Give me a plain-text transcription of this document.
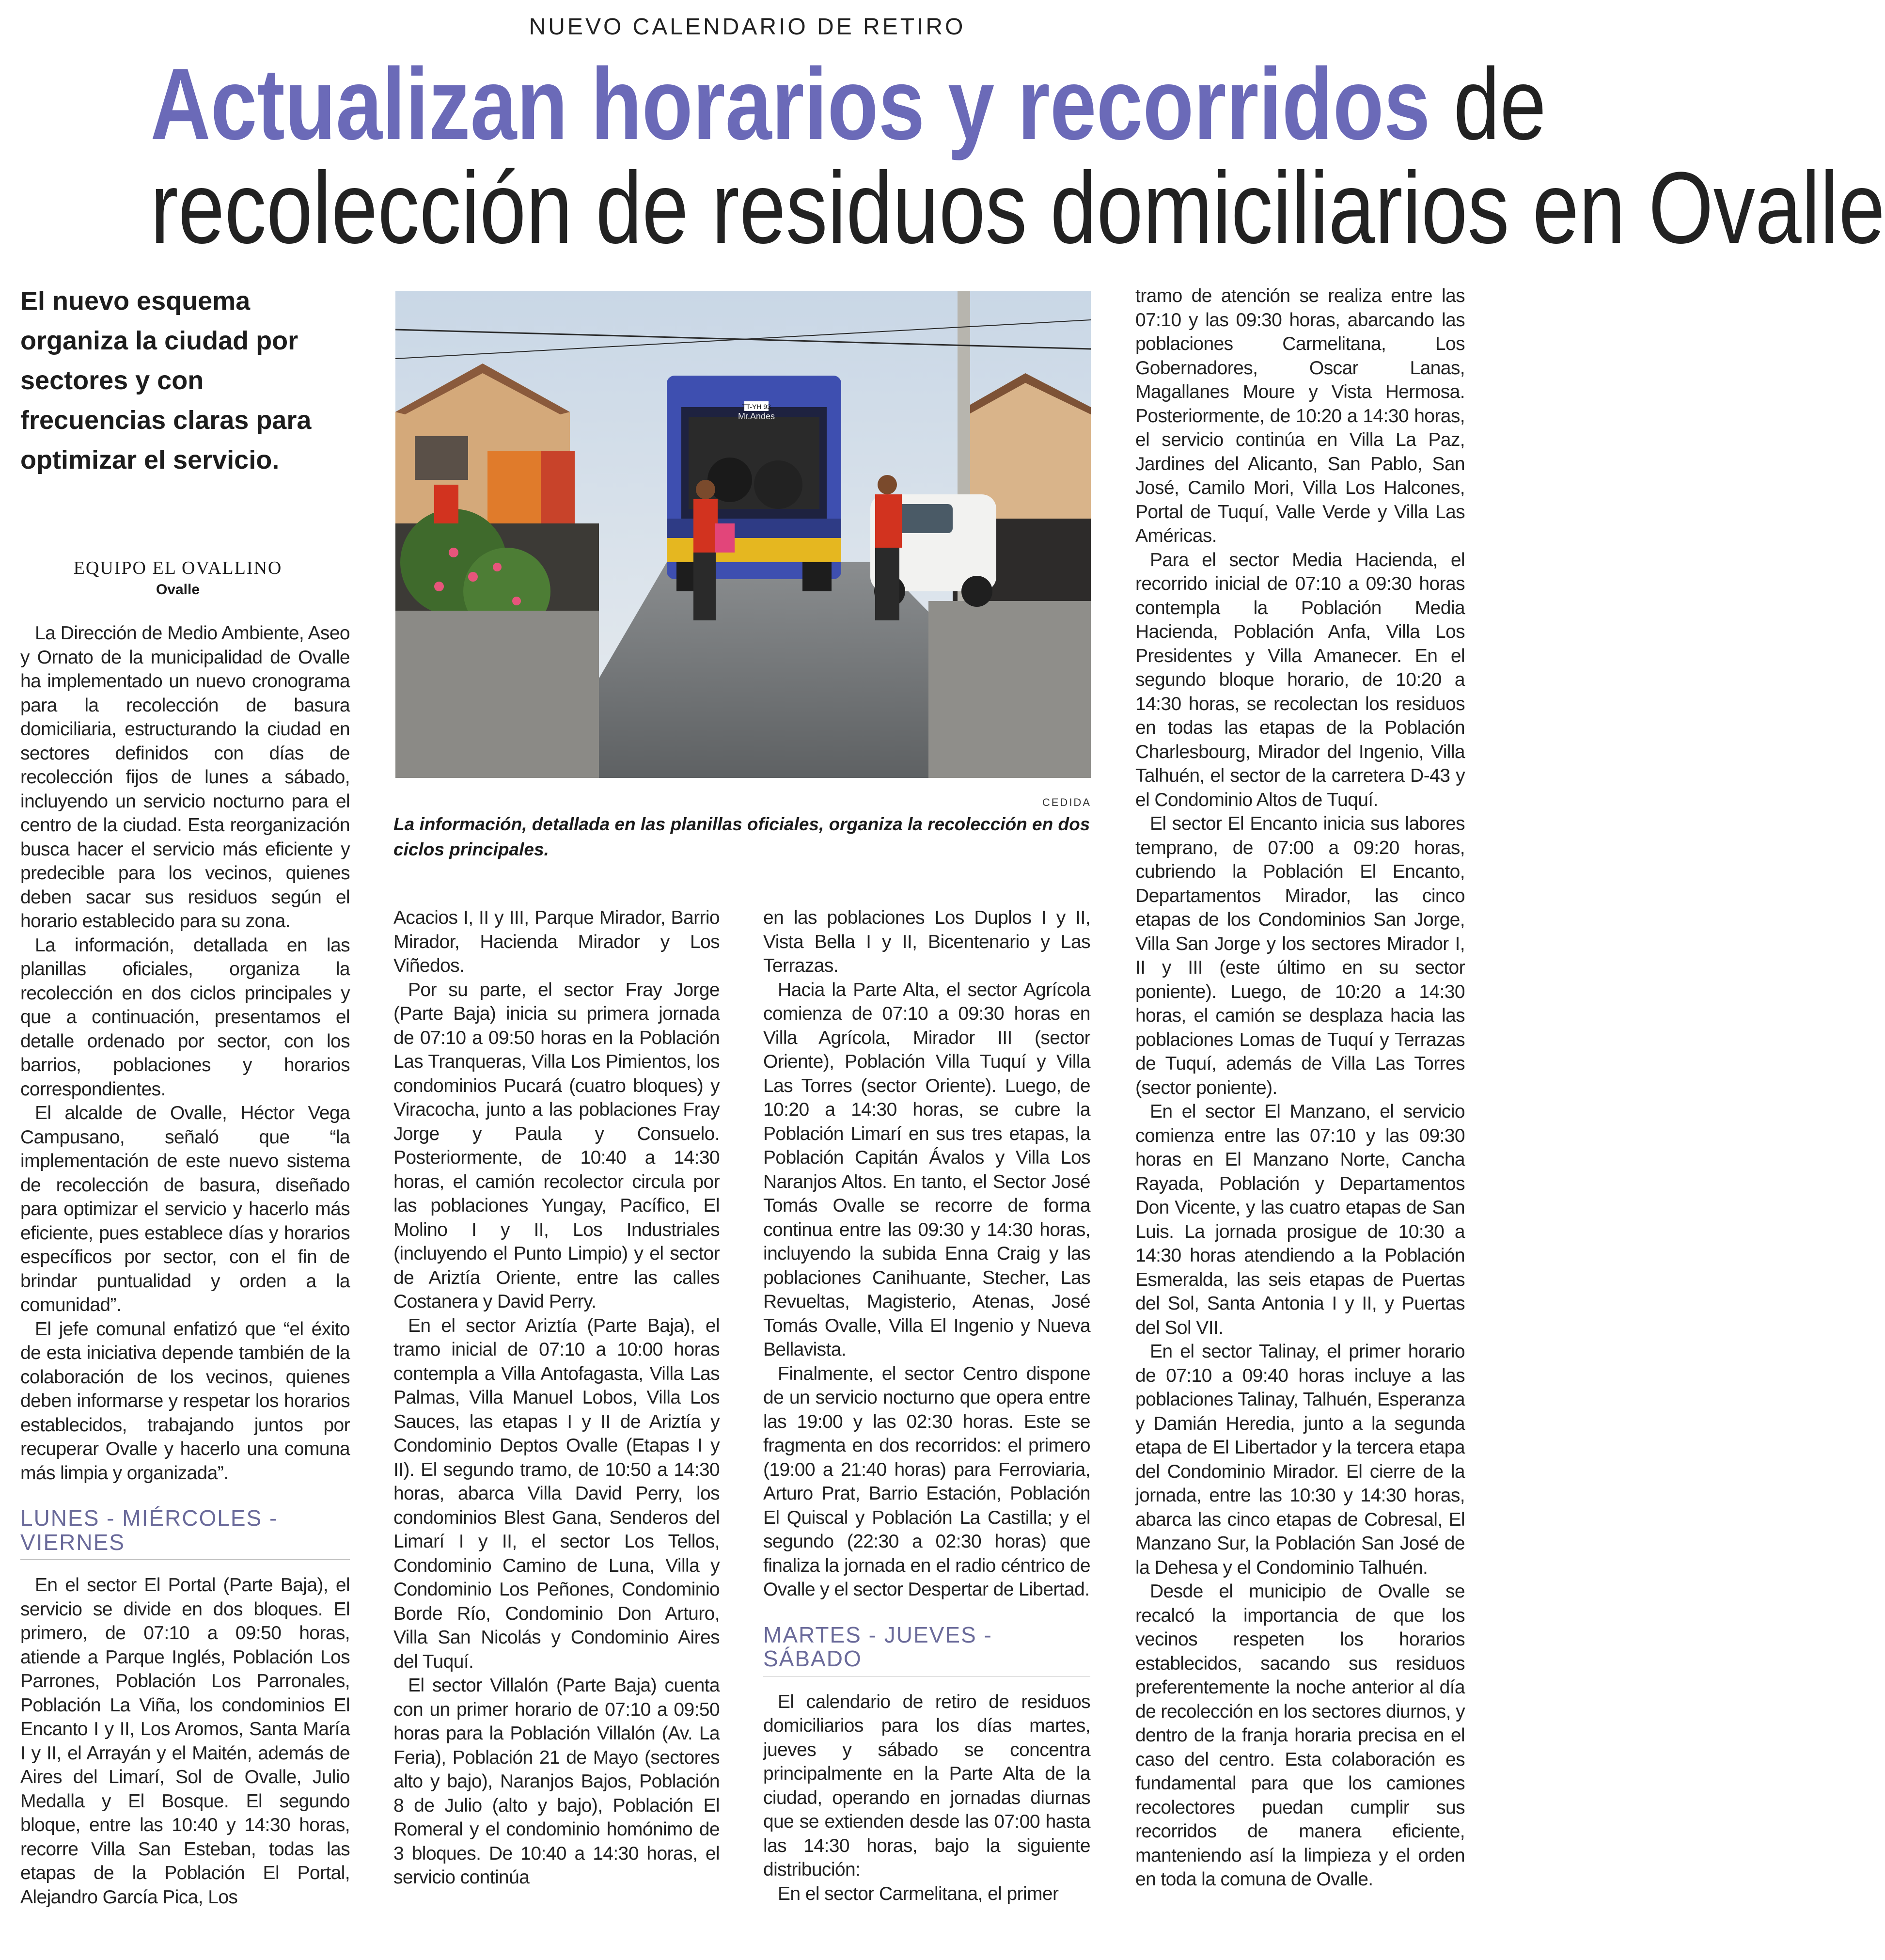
NUEVO CALENDARIO DE RETIRO
Actualizan horarios y recorridos de
recolección de residuos domiciliarios en Ovalle
El nuevo esquema organiza la ciudad por sectores y con frecuencias claras para optimizar el servicio.
EQUIPO EL OVALLINO
Ovalle

La Dirección de Medio Ambiente, Aseo y Ornato de la municipalidad de Ovalle ha implementado un nuevo cronograma para la recolección de basura domiciliaria, estructurando la ciudad en sectores definidos con días de recolección fijos de lunes a sábado, incluyendo un servicio nocturno para el centro de la ciudad. Esta reorganización busca hacer el servicio más eficiente y predecible para los vecinos, quienes deben sacar sus residuos según el horario establecido para su zona.

La información, detallada en las planillas oficiales, organiza la recolección en dos ciclos principales y que a continuación, presentamos el detalle ordenado por sector, con los barrios, poblaciones y horarios correspondientes.

El alcalde de Ovalle, Héctor Vega Campusano, señaló que “la implementación de este nuevo sistema de recolección de basura, diseñado para optimizar el servicio y hacerlo más eficiente, pues establece días y horarios específicos por sector, con el fin de brindar puntualidad y orden a la comunidad”.

El jefe comunal enfatizó que “el éxito de esta iniciativa depende también de la colaboración de los vecinos, quienes deben informarse y respetar los horarios establecidos, trabajando juntos por recuperar Ovalle y hacerlo una comuna más limpia y organizada”.

LUNES - MIÉRCOLES - VIERNES

En el sector El Portal (Parte Baja), el servicio se divide en dos bloques. El primero, de 07:10 a 09:50 horas, atiende a Parque Inglés, Población Los Parrones, Población Los Parronales, Población La Viña, los condominios El Encanto I y II, Los Aromos, Santa María I y II, el Arrayán y el Maitén, además de Aires del Limarí, Sol de Ovalle, Julio Medalla y El Bosque. El segundo bloque, entre las 10:40 y 14:30 horas, recorre Villa San Esteban, todas las etapas de la Población El Portal, Alejandro García Pica, Los

TT-YH 93
Mr.Andes
CEDIDA
La información, detallada en las planillas oficiales, organiza la recolección en dos ciclos principales.

Acacios I, II y III, Parque Mirador, Barrio Mirador, Hacienda Mirador y Los Viñedos.

Por su parte, el sector Fray Jorge (Parte Baja) inicia su primera jornada de 07:10 a 09:50 horas en la Población Las Tranqueras, Villa Los Pimientos, los condominios Pucará (cuatro bloques) y Viracocha, junto a las poblaciones Fray Jorge y Paula y Consuelo. Posteriormente, de 10:40 a 14:30 horas, el camión recolector circula por las poblaciones Yungay, Pacífico, El Molino I y II, Los Industriales (incluyendo el Punto Limpio) y el sector de Ariztía Oriente, entre las calles Costanera y David Perry.

En el sector Ariztía (Parte Baja), el tramo inicial de 07:10 a 10:00 horas contempla a Villa Antofagasta, Villa Las Palmas, Villa Manuel Lobos, Villa Los Sauces, las etapas I y II de Ariztía y Condominio Deptos Ovalle (Etapas I y II). El segundo tramo, de 10:50 a 14:30 horas, abarca Villa David Perry, los condominios Blest Gana, Senderos del Limarí I y II, el sector Los Tellos, Condominio Camino de Luna, Villa y Condominio Los Peñones, Condominio Borde Río, Condominio Don Arturo, Villa San Nicolás y Condominio Aires del Tuquí.

El sector Villalón (Parte Baja) cuenta con un primer horario de 07:10 a 09:50 horas para la Población Villalón (Av. La Feria), Población 21 de Mayo (sectores alto y bajo), Naranjos Bajos, Población 8 de Julio (alto y bajo), Población El Romeral y el condominio homónimo de 3 bloques. De 10:40 a 14:30 horas, el servicio continúa

en las poblaciones Los Duplos I y II, Vista Bella I y II, Bicentenario y Las Terrazas.

Hacia la Parte Alta, el sector Agrícola comienza de 07:10 a 09:30 horas en Villa Agrícola, Mirador III (sector Oriente), Población Villa Tuquí y Villa Las Torres (sector Oriente). Luego, de 10:20 a 14:30 horas, se cubre la Población Limarí en sus tres etapas, la Población Capitán Ávalos y Villa Los Naranjos Altos. En tanto, el Sector José Tomás Ovalle se recorre de forma continua entre las 09:30 y 14:30 horas, incluyendo la subida Enna Craig y las poblaciones Canihuante, Stecher, Las Revueltas, Magisterio, Atenas, José Tomás Ovalle, Villa El Ingenio y Nueva Bellavista.

Finalmente, el sector Centro dispone de un servicio nocturno que opera entre las 19:00 y las 02:30 horas. Este se fragmenta en dos recorridos: el primero (19:00 a 21:40 horas) para Ferroviaria, Arturo Prat, Barrio Estación, Población El Quiscal y Población La Castilla; y el segundo (22:30 a 02:30 horas) que finaliza la jornada en el radio céntrico de Ovalle y el sector Despertar de Libertad.

MARTES - JUEVES - SÁBADO

El calendario de retiro de residuos domiciliarios para los días martes, jueves y sábado se concentra principalmente en la Parte Alta de la ciudad, operando en jornadas diurnas que se extienden desde las 07:00 hasta las 14:30 horas, bajo la siguiente distribución:

En el sector Carmelitana, el primer

tramo de atención se realiza entre las 07:10 y las 09:30 horas, abarcando las poblaciones Carmelitana, Los Gobernadores, Oscar Lanas, Magallanes Moure y Vista Hermosa. Posteriormente, de 10:20 a 14:30 horas, el servicio continúa en Villa La Paz, Jardines del Alicanto, San Pablo, San José, Camilo Mori, Villa Los Halcones, Portal de Tuquí, Valle Verde y Villa Las Américas.

Para el sector Media Hacienda, el recorrido inicial de 07:10 a 09:30 horas contempla la Población Media Hacienda, Población Anfa, Villa Los Presidentes y Villa Amanecer. En el segundo bloque horario, de 10:20 a 14:30 horas, se recolectan los residuos en todas las etapas de la Población Charlesbourg, Mirador del Ingenio, Villa Talhuén, el sector de la carretera D-43 y el Condominio Altos de Tuquí.

El sector El Encanto inicia sus labores temprano, de 07:00 a 09:20 horas, cubriendo la Población El Encanto, Departamentos Mirador, las cinco etapas de los Condominios San Jorge, Villa San Jorge y los sectores Mirador I, II y III (este último en su sector poniente). Luego, de 10:20 a 14:30 horas, el camión se desplaza hacia las poblaciones Lomas de Tuquí y Terrazas de Tuquí, además de Villa Las Torres (sector poniente).

En el sector El Manzano, el servicio comienza entre las 07:10 y las 09:30 horas en El Manzano Norte, Cancha Rayada, Población y Departamentos Don Vicente, y las cuatro etapas de San Luis. La jornada prosigue de 10:30 a 14:30 horas atendiendo a la Población Esmeralda, las seis etapas de Puertas del Sol, Santa Antonia I y II, y Puertas del Sol VII.

En el sector Talinay, el primer horario de 07:10 a 09:40 horas incluye a las poblaciones Talinay, Talhuén, Esperanza y Damián Heredia, junto a la segunda etapa de El Libertador y la tercera etapa del Condominio Mirador. El cierre de la jornada, entre las 10:30 y 14:30 horas, abarca las cinco etapas de Cobresal, El Manzano Sur, la Población San José de la Dehesa y el Condominio Talhuén.

Desde el municipio de Ovalle se recalcó la importancia de que los vecinos respeten los horarios establecidos, sacando sus residuos preferentemente la noche anterior al día de recolección en los sectores diurnos, y dentro de la franja horaria precisa en el caso del centro. Esta colaboración es fundamental para que los camiones recolectores puedan cumplir sus recorridos de manera eficiente, manteniendo así la limpieza y el orden en toda la comuna de Ovalle.
